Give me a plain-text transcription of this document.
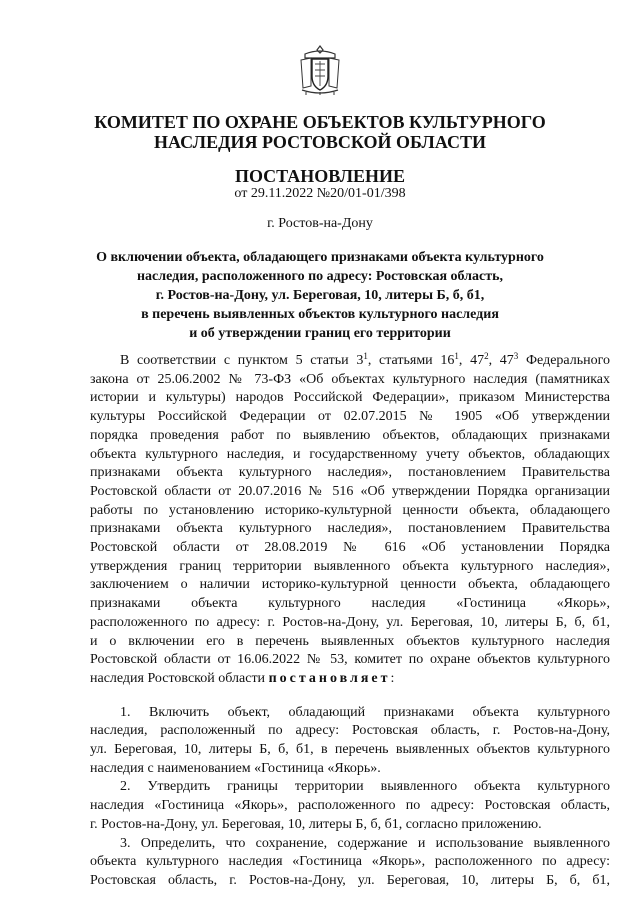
КОМИТЕТ ПО ОХРАНЕ ОБЪЕКТОВ КУЛЬТУРНОГО
НАСЛЕДИЯ РОСТОВСКОЙ ОБЛАСТИ
ПОСТАНОВЛЕНИЕ
от 29.11.2022 №20/01-01/398
г. Ростов-на-Дону
О включении объекта, обладающего признаками объекта культурного
наследия, расположенного по адресу: Ростовская область,
г. Ростов-на-Дону, ул. Береговая, 10, литеры Б, б, б1,
в перечень выявленных объектов культурного наследия
и об утверждении границ его территории
В соответствии с пунктом 5 статьи $3^1$, статьями $16^1$, $47^2$, $47^3$ Федерального
закона от 25.06.2002 № 73-ФЗ «Об объектах культурного наследия (памятниках
истории и культуры) народов Российской Федерации», приказом Министерства
культуры Российской Федерации от 02.07.2015 № 1905 «Об утверждении
порядка проведения работ по выявлению объектов, обладающих признаками
объекта культурного наследия, и государственному учету объектов, обладающих
признаками объекта культурного наследия», постановлением Правительства
Ростовской области от 20.07.2016 № 516 «Об утверждении Порядка организации
работы по установлению историко-культурной ценности объекта, обладающего
признаками объекта культурного наследия», постановлением Правительства
Ростовской области от 28.08.2019 № 616 «Об установлении Порядка
утверждения границ территории выявленного объекта культурного наследия»,
заключением о наличии историко-культурной ценности объекта, обладающего
признаками объекта культурного наследия «Гостиница «Якорь»,
расположенного по адресу: г. Ростов-на-Дону, ул. Береговая, 10, литеры Б, б, б1,
и о включении его в перечень выявленных объектов культурного наследия
Ростовской области от 16.06.2022 № 53, комитет по охране объектов культурного
наследия Ростовской области постановляет:
1. Включить объект, обладающий признаками объекта культурного
наследия, расположенный по адресу: Ростовская область, г. Ростов-на-Дону,
ул. Береговая, 10, литеры Б, б, б1, в перечень выявленных объектов культурного
наследия с наименованием «Гостиница «Якорь».
2. Утвердить границы территории выявленного объекта культурного
наследия «Гостиница «Якорь», расположенного по адресу: Ростовская область,
г. Ростов-на-Дону, ул. Береговая, 10, литеры Б, б, б1, согласно приложению.
3. Определить, что сохранение, содержание и использование выявленного
объекта культурного наследия «Гостиница «Якорь», расположенного по адресу:
Ростовская область, г. Ростов-на-Дону, ул. Береговая, 10, литеры Б, б, б1,
